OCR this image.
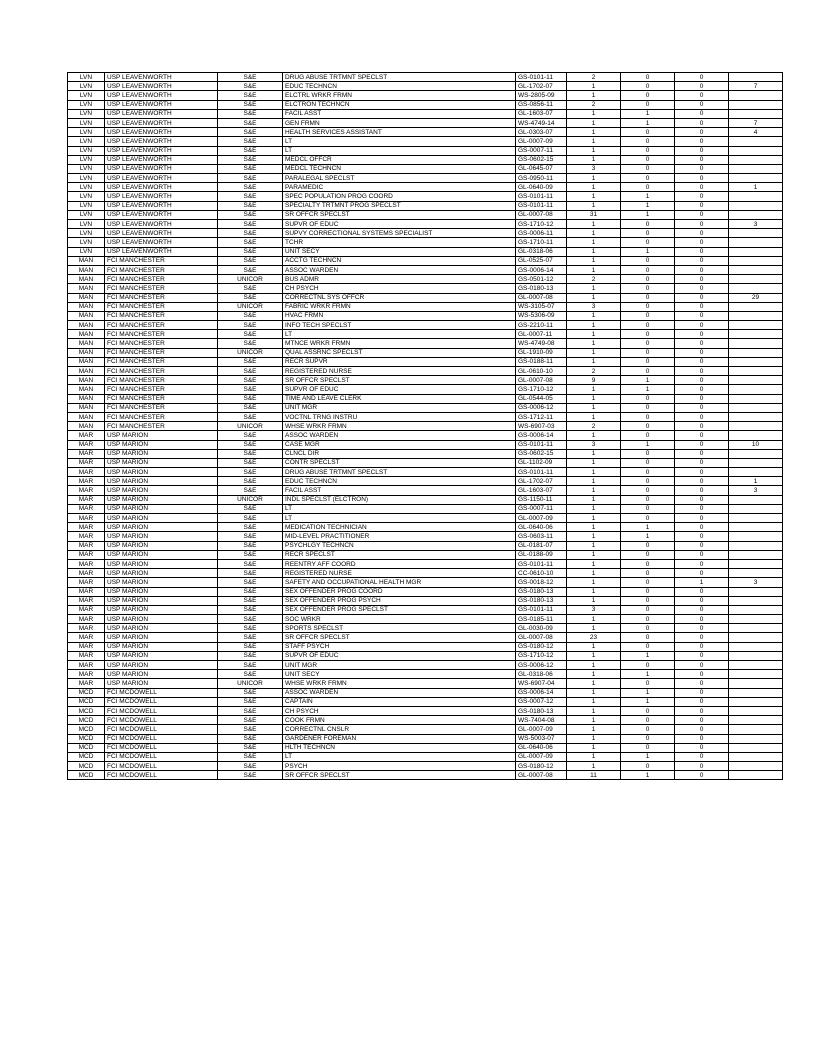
LVN	USP LEAVENWORTH	S&E	DRUG ABUSE TRTMNT SPECLST	GS-0101-11	2	0	0	
LVN	USP LEAVENWORTH	S&E	EDUC TECHNCN	GL-1702-07	1	0	0	7
LVN	USP LEAVENWORTH	S&E	ELCTRL WRKR FRMN	WS-2805-09	1	0	0	
LVN	USP LEAVENWORTH	S&E	ELCTRON TECHNCN	GS-0856-11	2	0	0	
LVN	USP LEAVENWORTH	S&E	FACIL ASST	GL-1603-07	1	1	0	
LVN	USP LEAVENWORTH	S&E	GEN FRMN	WS-4749-14	1	1	0	7
LVN	USP LEAVENWORTH	S&E	HEALTH SERVICES ASSISTANT	GL-0303-07	1	0	0	4
LVN	USP LEAVENWORTH	S&E	LT	GL-0007-09	1	0	0	
LVN	USP LEAVENWORTH	S&E	LT	GS-0007-11	1	0	0	
LVN	USP LEAVENWORTH	S&E	MEDCL OFFCR	GS-0602-15	1	0	0	
LVN	USP LEAVENWORTH	S&E	MEDCL TECHNCN	GL-0645-07	3	0	0	
LVN	USP LEAVENWORTH	S&E	PARALEGAL SPECLST	GS-0950-11	1	0	0	
LVN	USP LEAVENWORTH	S&E	PARAMEDIC	GL-0640-09	1	0	0	1
LVN	USP LEAVENWORTH	S&E	SPEC POPULATION PROG COORD	GS-0101-11	1	1	0	
LVN	USP LEAVENWORTH	S&E	SPECIALTY TRTMNT PROG SPECLST	GS-0101-11	1	1	0	
LVN	USP LEAVENWORTH	S&E	SR OFFCR SPECLST	GL-0007-08	31	1	0	
LVN	USP LEAVENWORTH	S&E	SUPVR OF EDUC	GS-1710-12	1	0	0	3
LVN	USP LEAVENWORTH	S&E	SUPVY CORRECTIONAL SYSTEMS SPECIALIST	GS-0006-11	1	0	0	
LVN	USP LEAVENWORTH	S&E	TCHR	GS-1710-11	1	0	0	
LVN	USP LEAVENWORTH	S&E	UNIT SECY	GL-0318-06	1	1	0	
MAN	FCI MANCHESTER	S&E	ACCTG TECHNCN	GL-0525-07	1	0	0	
MAN	FCI MANCHESTER	S&E	ASSOC WARDEN	GS-0006-14	1	0	0	
MAN	FCI MANCHESTER	UNICOR	BUS ADMR	GS-0501-12	2	0	0	
MAN	FCI MANCHESTER	S&E	CH PSYCH	GS-0180-13	1	0	0	
MAN	FCI MANCHESTER	S&E	CORRECTNL SYS OFFCR	GL-0007-08	1	0	0	29
MAN	FCI MANCHESTER	UNICOR	FABRIC WRKR FRMN	WS-3105-07	3	0	0	
MAN	FCI MANCHESTER	S&E	HVAC FRMN	WS-5306-09	1	0	0	
MAN	FCI MANCHESTER	S&E	INFO TECH SPECLST	GS-2210-11	1	0	0	
MAN	FCI MANCHESTER	S&E	LT	GL-0007-11	1	0	0	
MAN	FCI MANCHESTER	S&E	MTNCE WRKR FRMN	WS-4749-08	1	0	0	
MAN	FCI MANCHESTER	UNICOR	QUAL ASSRNC SPECLST	GL-1910-09	1	0	0	
MAN	FCI MANCHESTER	S&E	RECR SUPVR	GS-0188-11	1	0	0	
MAN	FCI MANCHESTER	S&E	REGISTERED NURSE	GL-0610-10	2	0	0	
MAN	FCI MANCHESTER	S&E	SR OFFCR SPECLST	GL-0007-08	9	1	0	
MAN	FCI MANCHESTER	S&E	SUPVR OF EDUC	GS-1710-12	1	1	0	
MAN	FCI MANCHESTER	S&E	TIME AND LEAVE CLERK	GL-0544-05	1	0	0	
MAN	FCI MANCHESTER	S&E	UNIT MGR	GS-0006-12	1	0	0	
MAN	FCI MANCHESTER	S&E	VOCTNL TRNG INSTRU	GS-1712-11	1	0	0	
MAN	FCI MANCHESTER	UNICOR	WHSE WRKR FRMN	WS-6907-03	2	0	0	
MAR	USP MARION	S&E	ASSOC WARDEN	GS-0006-14	1	0	0	
MAR	USP MARION	S&E	CASE MGR	GS-0101-11	3	1	0	10
MAR	USP MARION	S&E	CLNCL DIR	GS-0602-15	1	0	0	
MAR	USP MARION	S&E	CONTR SPECLST	GL-1102-09	1	0	0	
MAR	USP MARION	S&E	DRUG ABUSE TRTMNT SPECLST	GS-0101-11	1	0	0	
MAR	USP MARION	S&E	EDUC TECHNCN	GL-1702-07	1	0	0	1
MAR	USP MARION	S&E	FACIL ASST	GL-1603-07	1	0	0	3
MAR	USP MARION	UNICOR	INDL SPECLST (ELCTRON)	GS-1150-11	1	0	0	
MAR	USP MARION	S&E	LT	GS-0007-11	1	0	0	
MAR	USP MARION	S&E	LT	GL-0007-09	1	0	0	
MAR	USP MARION	S&E	MEDICATION TECHNICIAN	GL-0640-06	1	1	0	
MAR	USP MARION	S&E	MID-LEVEL PRACTITIONER	GS-0603-11	1	1	0	
MAR	USP MARION	S&E	PSYCHLGY TECHNCN	GL-0181-07	1	0	0	
MAR	USP MARION	S&E	RECR SPECLST	GL-0188-09	1	0	0	
MAR	USP MARION	S&E	REENTRY AFF COORD	GS-0101-11	1	0	0	
MAR	USP MARION	S&E	REGISTERED NURSE	CC-0610-10	1	0	0	
MAR	USP MARION	S&E	SAFETY AND OCCUPATIONAL HEALTH MGR	GS-0018-12	1	0	1	3
MAR	USP MARION	S&E	SEX OFFENDER PROG COORD	GS-0180-13	1	0	0	
MAR	USP MARION	S&E	SEX OFFENDER PROG PSYCH	GS-0180-13	1	0	0	
MAR	USP MARION	S&E	SEX OFFENDER PROG SPECLST	GS-0101-11	3	0	0	
MAR	USP MARION	S&E	SOC WRKR	GS-0185-11	1	0	0	
MAR	USP MARION	S&E	SPORTS SPECLST	GL-0030-09	1	0	0	
MAR	USP MARION	S&E	SR OFFCR SPECLST	GL-0007-08	23	0	0	
MAR	USP MARION	S&E	STAFF PSYCH	GS-0180-12	1	0	0	
MAR	USP MARION	S&E	SUPVR OF EDUC	GS-1710-12	1	1	0	
MAR	USP MARION	S&E	UNIT MGR	GS-0006-12	1	0	0	
MAR	USP MARION	S&E	UNIT SECY	GL-0318-06	1	1	0	
MAR	USP MARION	UNICOR	WHSE WRKR FRMN	WS-6907-04	1	0	0	
MCD	FCI MCDOWELL	S&E	ASSOC WARDEN	GS-0006-14	1	1	0	
MCD	FCI MCDOWELL	S&E	CAPTAIN	GS-0007-12	1	1	0	
MCD	FCI MCDOWELL	S&E	CH PSYCH	GS-0180-13	1	0	0	
MCD	FCI MCDOWELL	S&E	COOK FRMN	WS-7404-08	1	0	0	
MCD	FCI MCDOWELL	S&E	CORRECTNL CNSLR	GL-0007-09	1	0	0	
MCD	FCI MCDOWELL	S&E	GARDENER FOREMAN	WS-5003-07	1	0	0	
MCD	FCI MCDOWELL	S&E	HLTH TECHNCN	GL-0640-06	1	0	0	
MCD	FCI MCDOWELL	S&E	LT	GL-0007-09	1	1	0	
MCD	FCI MCDOWELL	S&E	PSYCH	GS-0180-12	1	0	0	
MCD	FCI MCDOWELL	S&E	SR OFFCR SPECLST	GL-0007-08	11	1	0	
